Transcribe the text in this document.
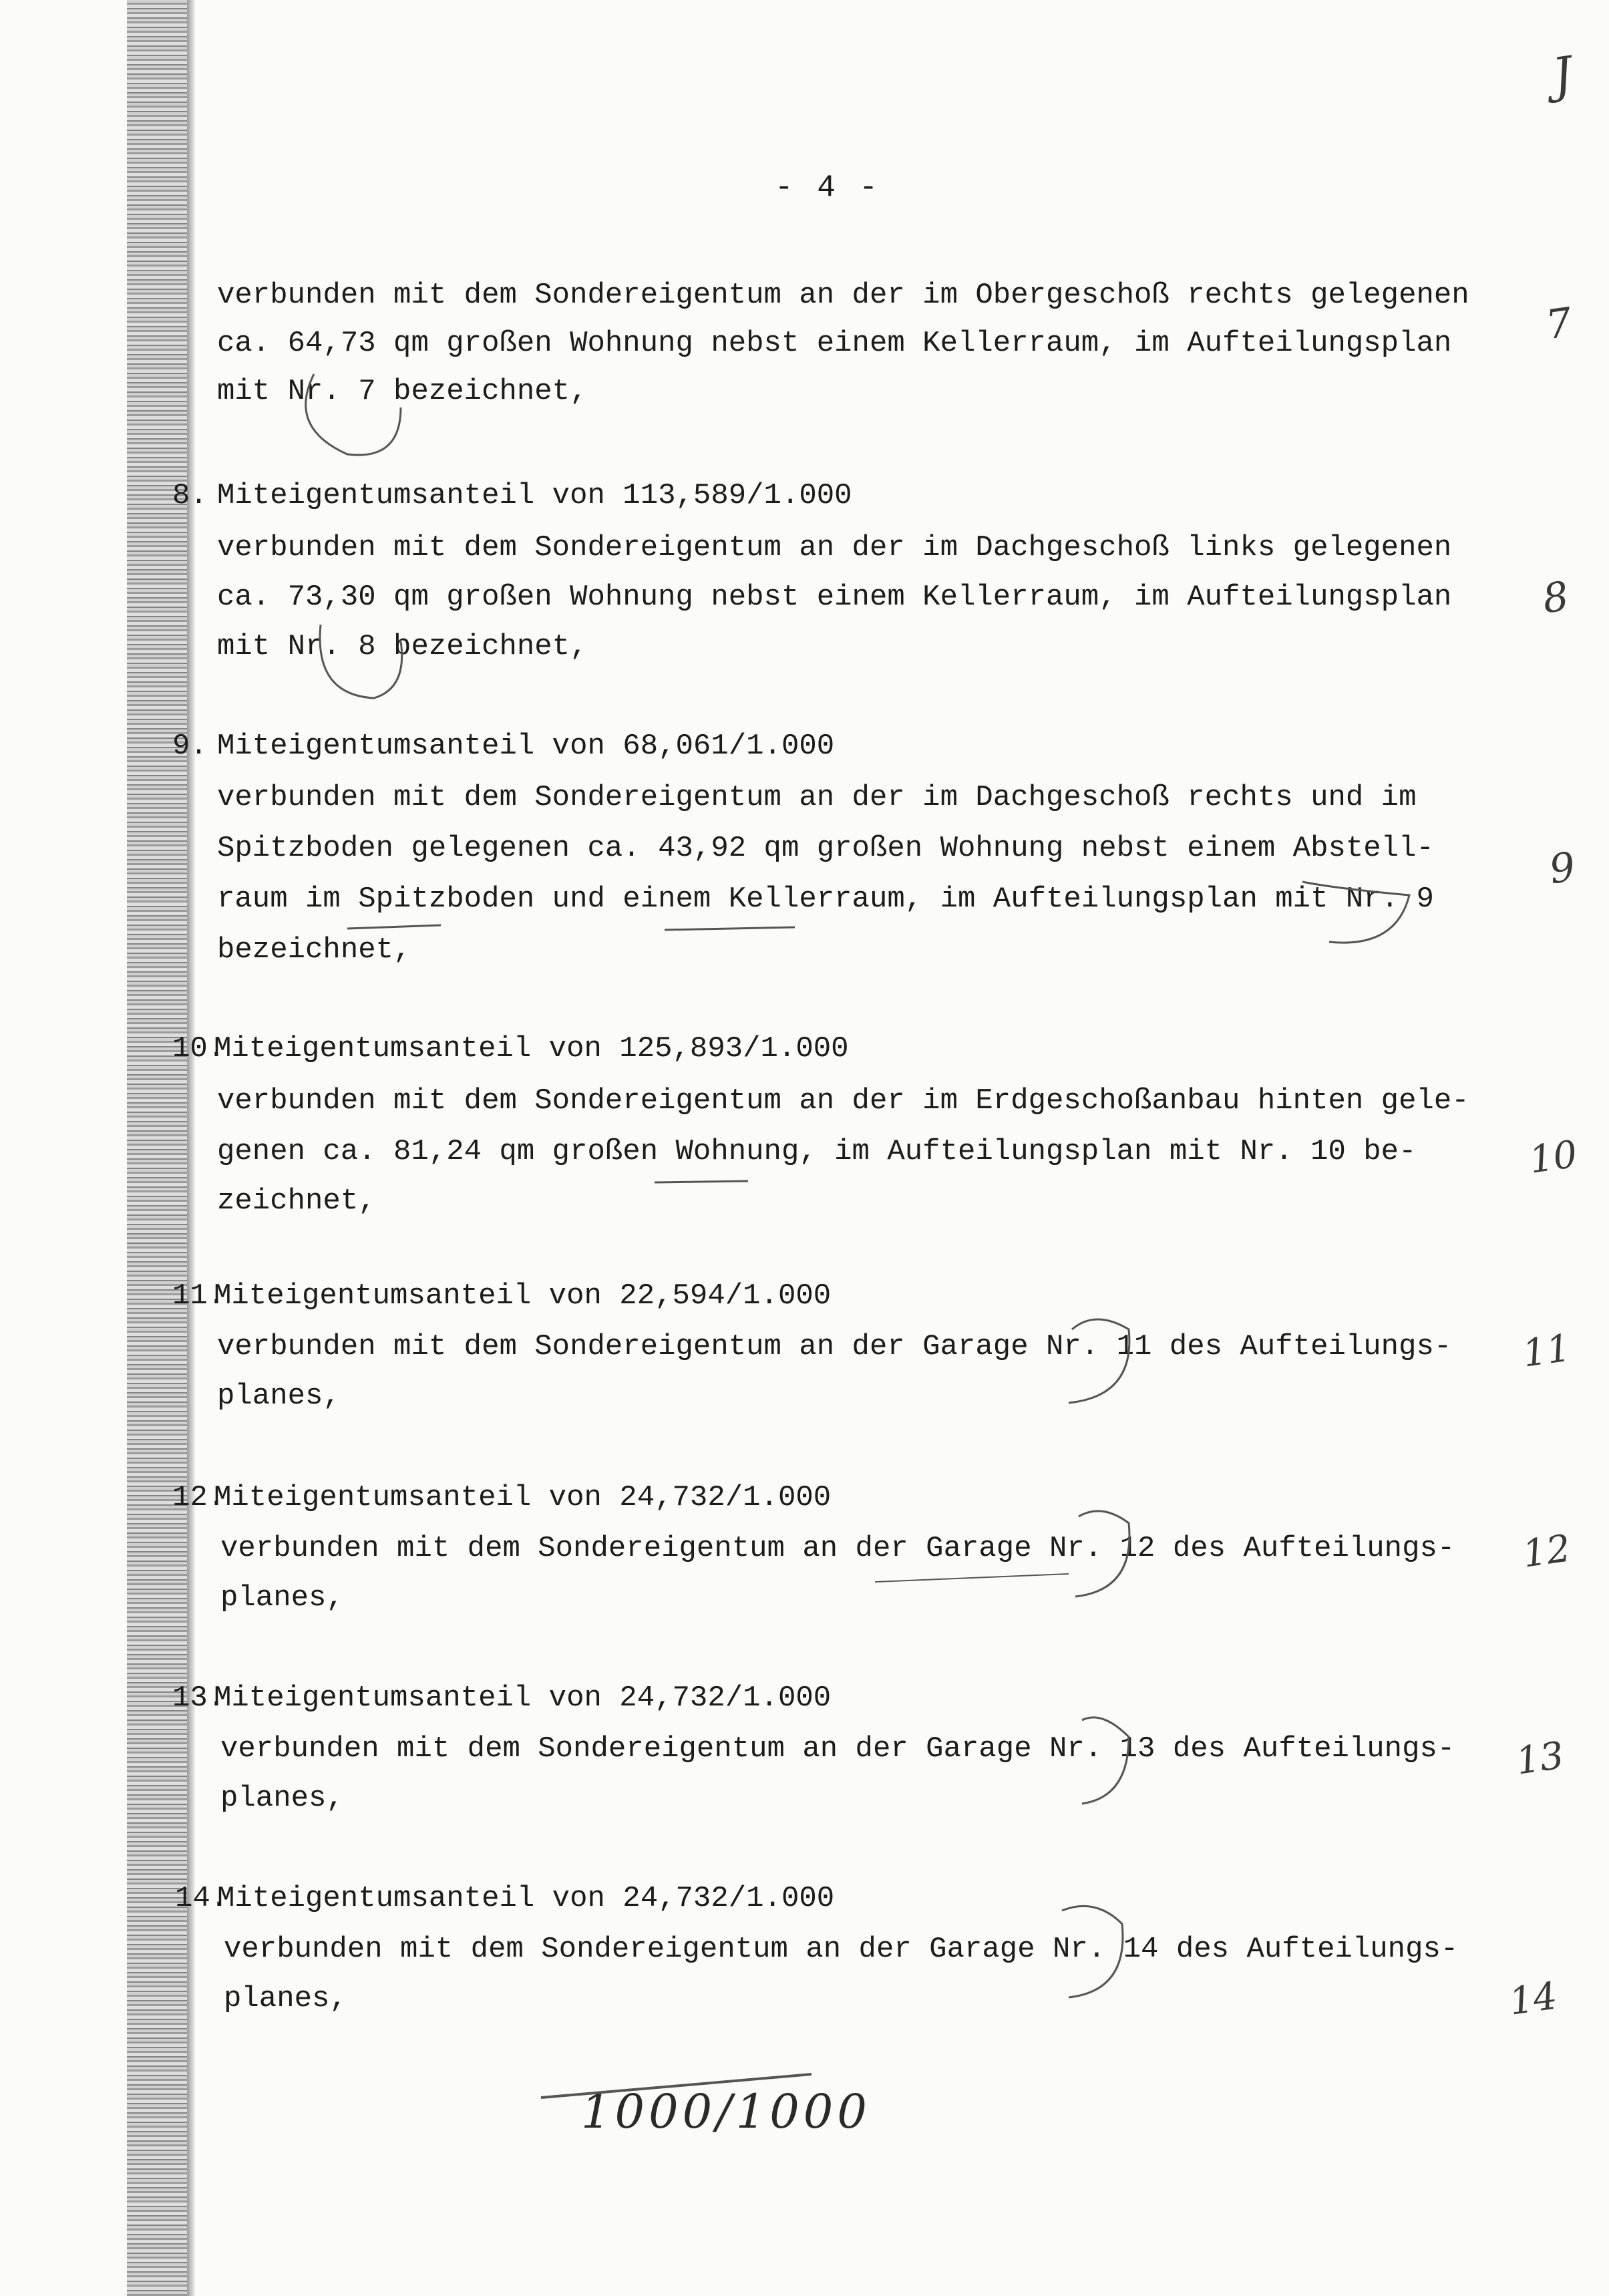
- 4 -
verbunden mit dem Sondereigentum an der im Obergeschoß rechts gelegenen
ca. 64,73 qm großen Wohnung nebst einem Kellerraum, im Aufteilungsplan
mit Nr. 7 bezeichnet,
8. Miteigentumsanteil von 113,589/1.000
verbunden mit dem Sondereigentum an der im Dachgeschoß links gelegenen
ca. 73,30 qm großen Wohnung nebst einem Kellerraum, im Aufteilungsplan
mit Nr. 8 bezeichnet,
9. Miteigentumsanteil von 68,061/1.000
verbunden mit dem Sondereigentum an der im Dachgeschoß rechts und im
Spitzboden gelegenen ca. 43,92 qm großen Wohnung nebst einem Abstell-
raum im Spitzboden und einem Kellerraum, im Aufteilungsplan mit Nr. 9
bezeichnet,
10.
Miteigentumsanteil von 125,893/1.000
verbunden mit dem Sondereigentum an der im Erdgeschoßanbau hinten gele-
genen ca. 81,24 qm großen Wohnung, im Aufteilungsplan mit Nr. 10 be-
zeichnet,
11.
Miteigentumsanteil von 22,594/1.000
verbunden mit dem Sondereigentum an der Garage Nr. 11 des Aufteilungs-
planes,
12.
Miteigentumsanteil von 24,732/1.000
verbunden mit dem Sondereigentum an der Garage Nr. 12 des Aufteilungs-
planes,
13.
Miteigentumsanteil von 24,732/1.000
verbunden mit dem Sondereigentum an der Garage Nr. 13 des Aufteilungs-
planes,
14.
Miteigentumsanteil von 24,732/1.000
verbunden mit dem Sondereigentum an der Garage Nr. 14 des Aufteilungs-
planes,
J
7
8
9
10
11
12
13
14
1000/1000
